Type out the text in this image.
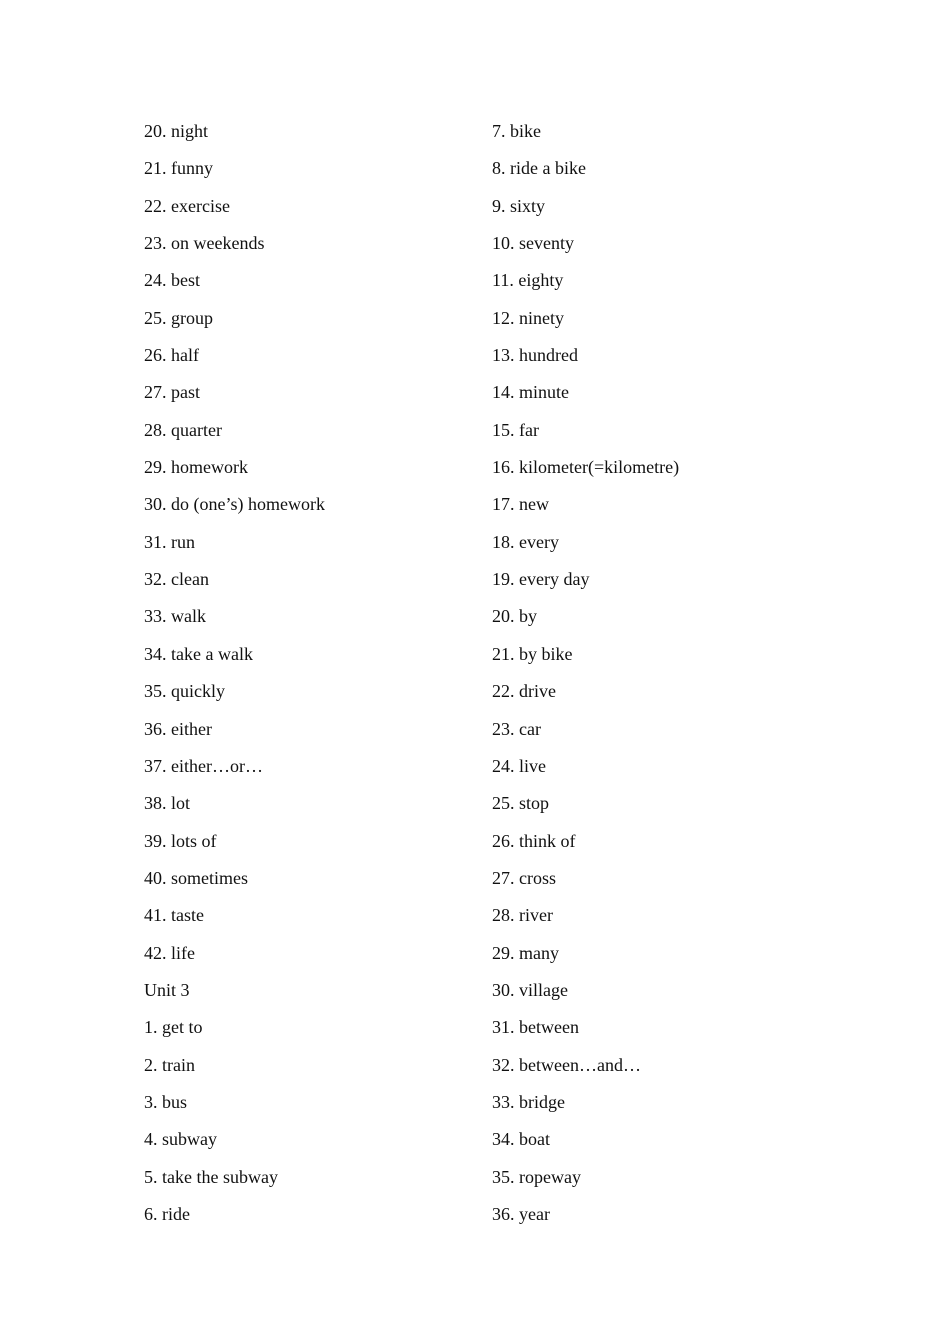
20. night
21. funny
22. exercise
23. on weekends
24. best
25. group
26. half
27. past
28. quarter
29. homework
30. do (one’s) homework
31. run
32. clean
33. walk
34. take a walk
35. quickly
36. either
37. either…or…
38. lot
39. lots of
40. sometimes
41. taste
42. life
Unit 3
1. get to
2. train
3. bus
4. subway
5. take the subway
6. ride
7. bike
8. ride a bike
9. sixty
10. seventy
11. eighty
12. ninety
13. hundred
14. minute
15. far
16. kilometer(=kilometre)
17. new
18. every
19. every day
20. by
21. by bike
22. drive
23. car
24. live
25. stop
26. think of
27. cross
28. river
29. many
30. village
31. between
32. between…and…
33. bridge
34. boat
35. ropeway
36. year
